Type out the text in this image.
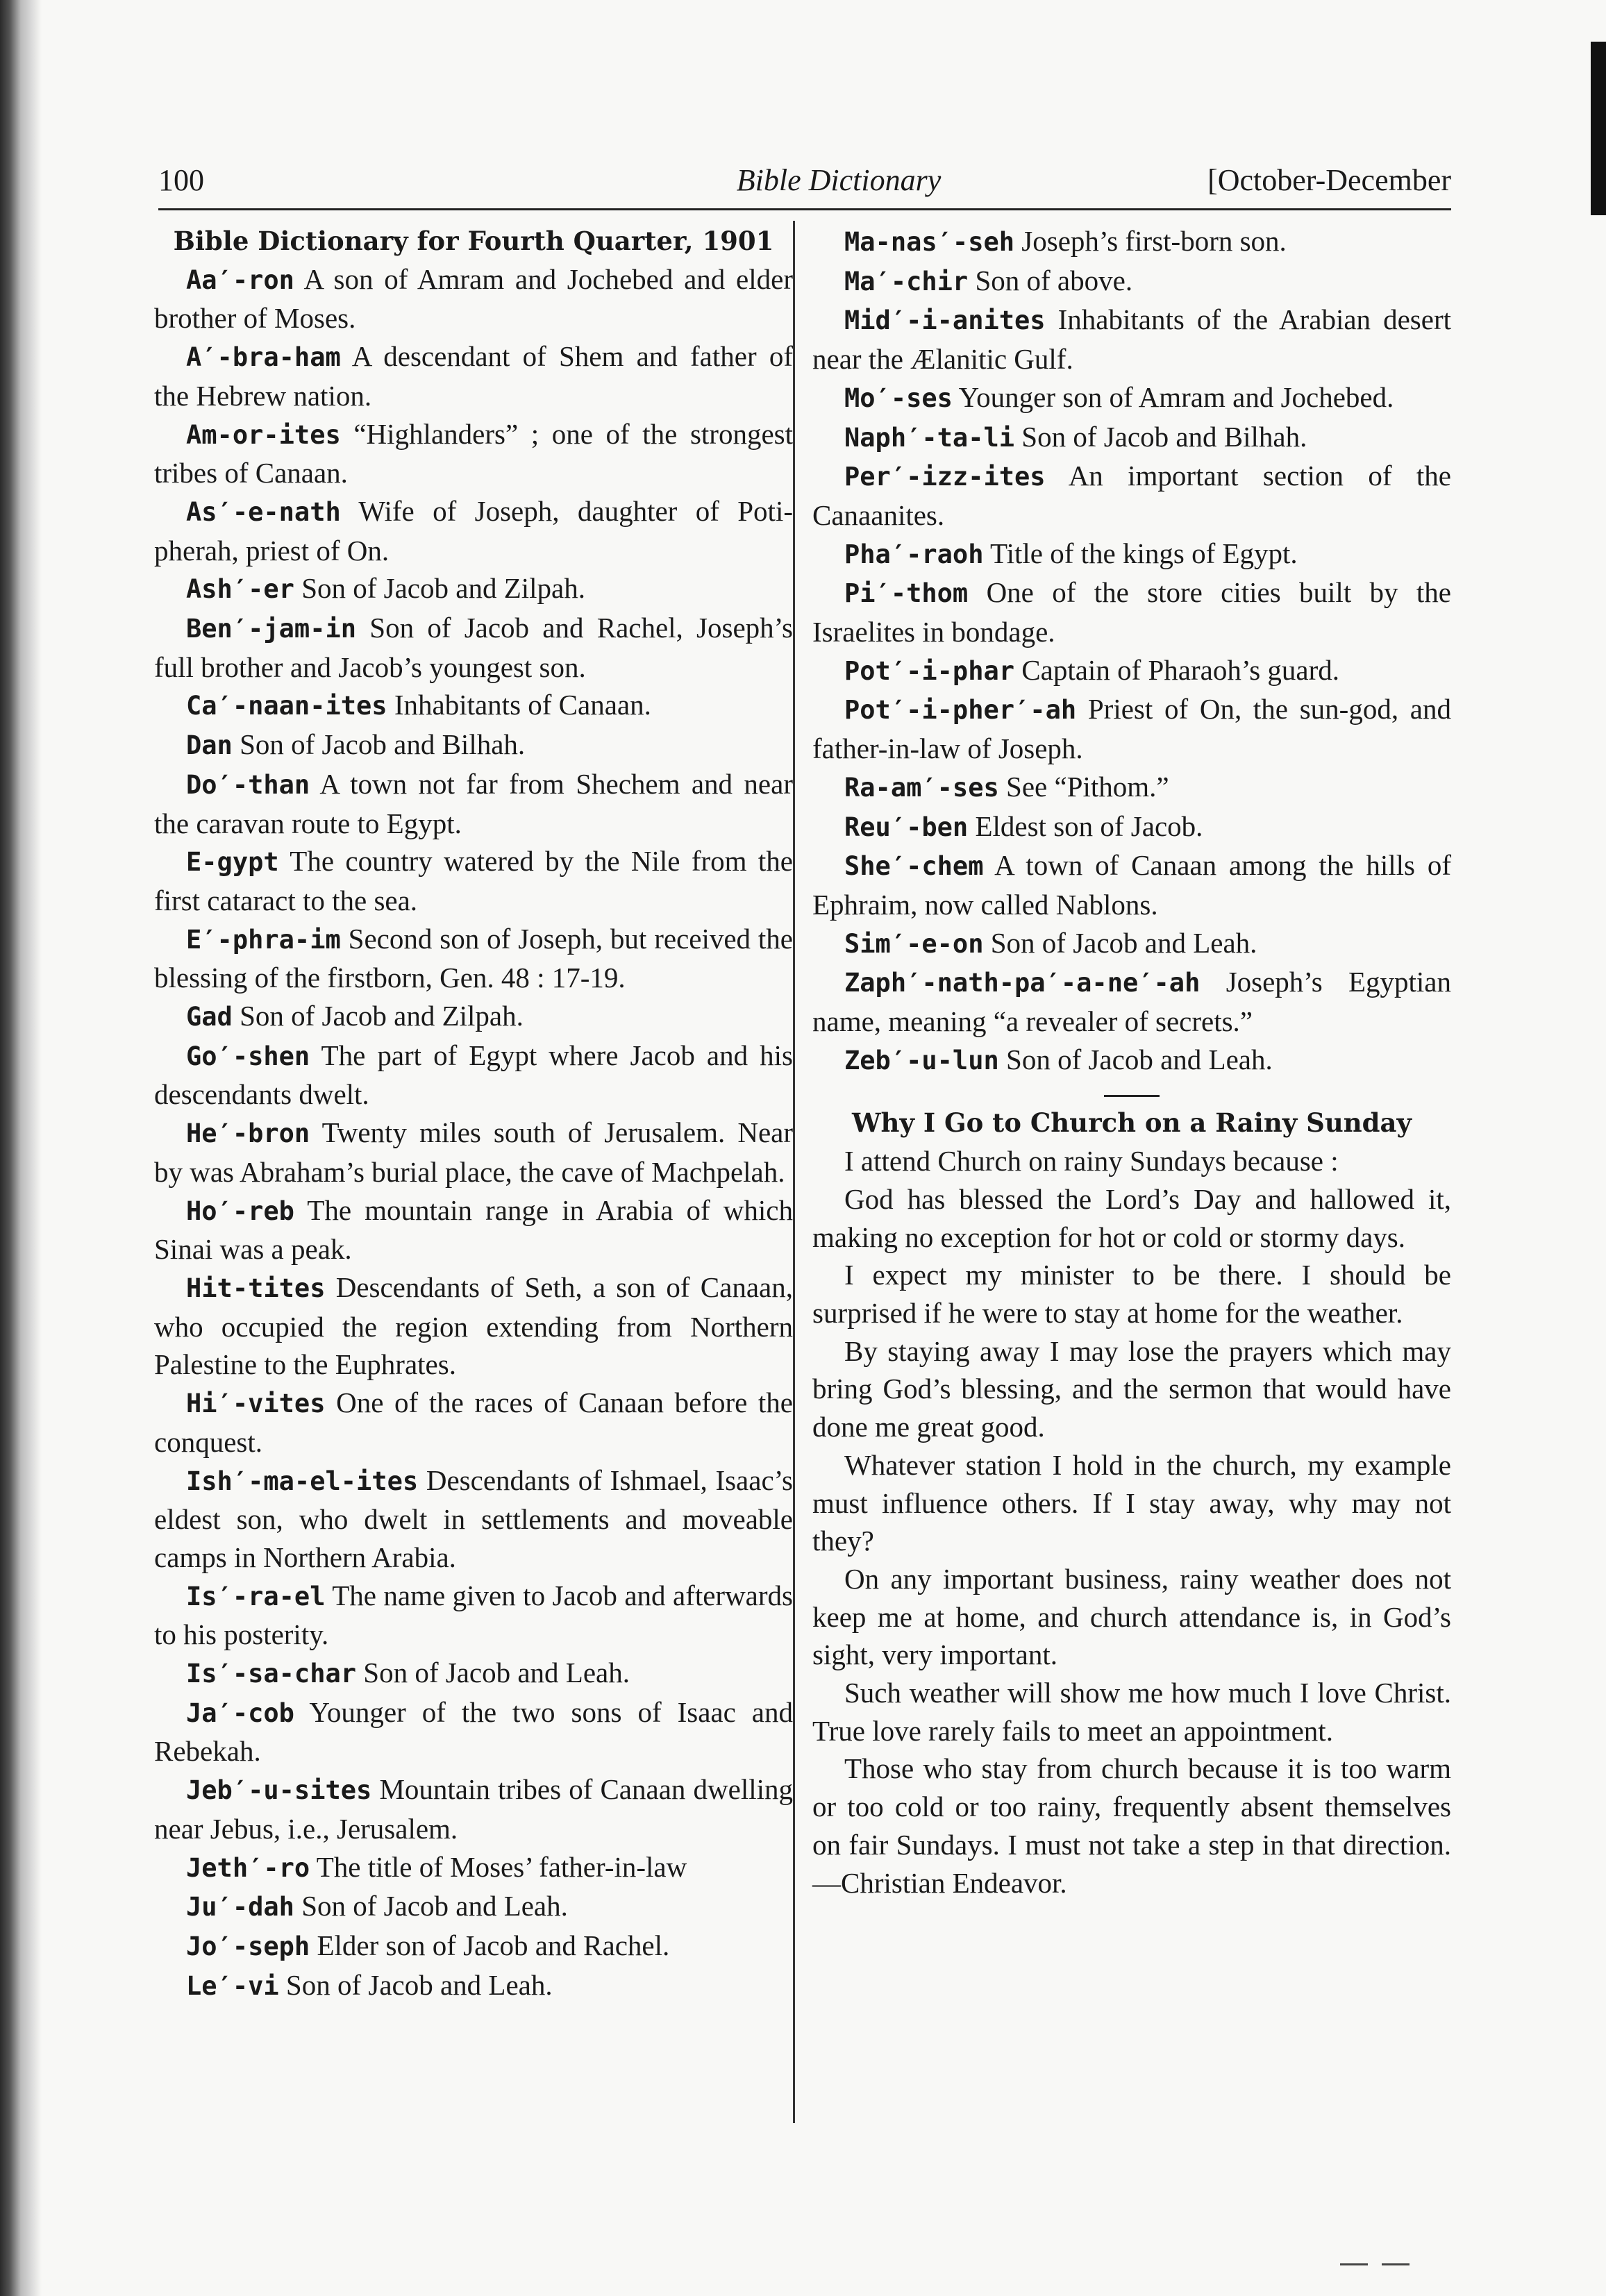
100	Bible Dictionary	[October-December
Bible Dictionary for Fourth Quarter, 1901

Aa′-ron A son of Amram and Jochebed and elder brother of Moses.

A′-bra-ham A descendant of Shem and father of the Hebrew nation.

Am-or-ites “Highlanders” ; one of the strongest tribes of Canaan.

As′-e-nath Wife of Joseph, daughter of Poti-pherah, priest of On.

Ash′-er Son of Jacob and Zilpah.

Ben′-jam-in Son of Jacob and Rachel, Joseph’s full brother and Jacob’s youngest son.

Ca′-naan-ites Inhabitants of Canaan.

Dan Son of Jacob and Bilhah.

Do′-than A town not far from Shechem and near the caravan route to Egypt.

E-gypt The country watered by the Nile from the first cataract to the sea.

E′-phra-im Second son of Joseph, but received the blessing of the firstborn, Gen. 48 : 17-19.

Gad Son of Jacob and Zilpah.

Go′-shen The part of Egypt where Jacob and his descendants dwelt.

He′-bron Twenty miles south of Jerusalem. Near by was Abraham’s burial place, the cave of Machpelah.

Ho′-reb The mountain range in Arabia of which Sinai was a peak.

Hit-tites Descendants of Seth, a son of Canaan, who occupied the region extending from Northern Palestine to the Euphrates.

Hi′-vites One of the races of Canaan before the conquest.

Ish′-ma-el-ites Descendants of Ishmael, Isaac’s eldest son, who dwelt in settlements and moveable camps in Northern Arabia.

Is′-ra-el The name given to Jacob and afterwards to his posterity.

Is′-sa-char Son of Jacob and Leah.

Ja′-cob Younger of the two sons of Isaac and Rebekah.

Jeb′-u-sites Mountain tribes of Canaan dwelling near Jebus, i.e., Jerusalem.

Jeth′-ro The title of Moses’ father-in-law

Ju′-dah Son of Jacob and Leah.

Jo′-seph Elder son of Jacob and Rachel.

Le′-vi Son of Jacob and Leah.

Ma-nas′-seh Joseph’s first-born son.

Ma′-chir Son of above.

Mid′-i-anites Inhabitants of the Arabian desert near the Ælanitic Gulf.

Mo′-ses Younger son of Amram and Jochebed.

Naph′-ta-li Son of Jacob and Bilhah.

Per′-izz-ites An important section of the Canaanites.

Pha′-raoh Title of the kings of Egypt.

Pi′-thom One of the store cities built by the Israelites in bondage.

Pot′-i-phar Captain of Pharaoh’s guard.

Pot′-i-pher′-ah Priest of On, the sun-god, and father-in-law of Joseph.

Ra-am′-ses See “Pithom.”

Reu′-ben Eldest son of Jacob.

She′-chem A town of Canaan among the hills of Ephraim, now called Nablons.

Sim′-e-on Son of Jacob and Leah.

Zaph′-nath-pa′-a-ne′-ah Joseph’s Egyptian name, meaning “a revealer of secrets.”

Zeb′-u-lun Son of Jacob and Leah.

Why I Go to Church on a Rainy Sunday

I attend Church on rainy Sundays because :

God has blessed the Lord’s Day and hallowed it, making no exception for hot or cold or stormy days.

I expect my minister to be there. I should be surprised if he were to stay at home for the weather.

By staying away I may lose the prayers which may bring God’s blessing, and the sermon that would have done me great good.

Whatever station I hold in the church, my example must influence others. If I stay away, why may not they?

On any important business, rainy weather does not keep me at home, and church attendance is, in God’s sight, very important.

Such weather will show me how much I love Christ. True love rarely fails to meet an appointment.

Those who stay from church because it is too warm or too cold or too rainy, frequently absent themselves on fair Sundays. I must not take a step in that direction.—Christian Endeavor.
